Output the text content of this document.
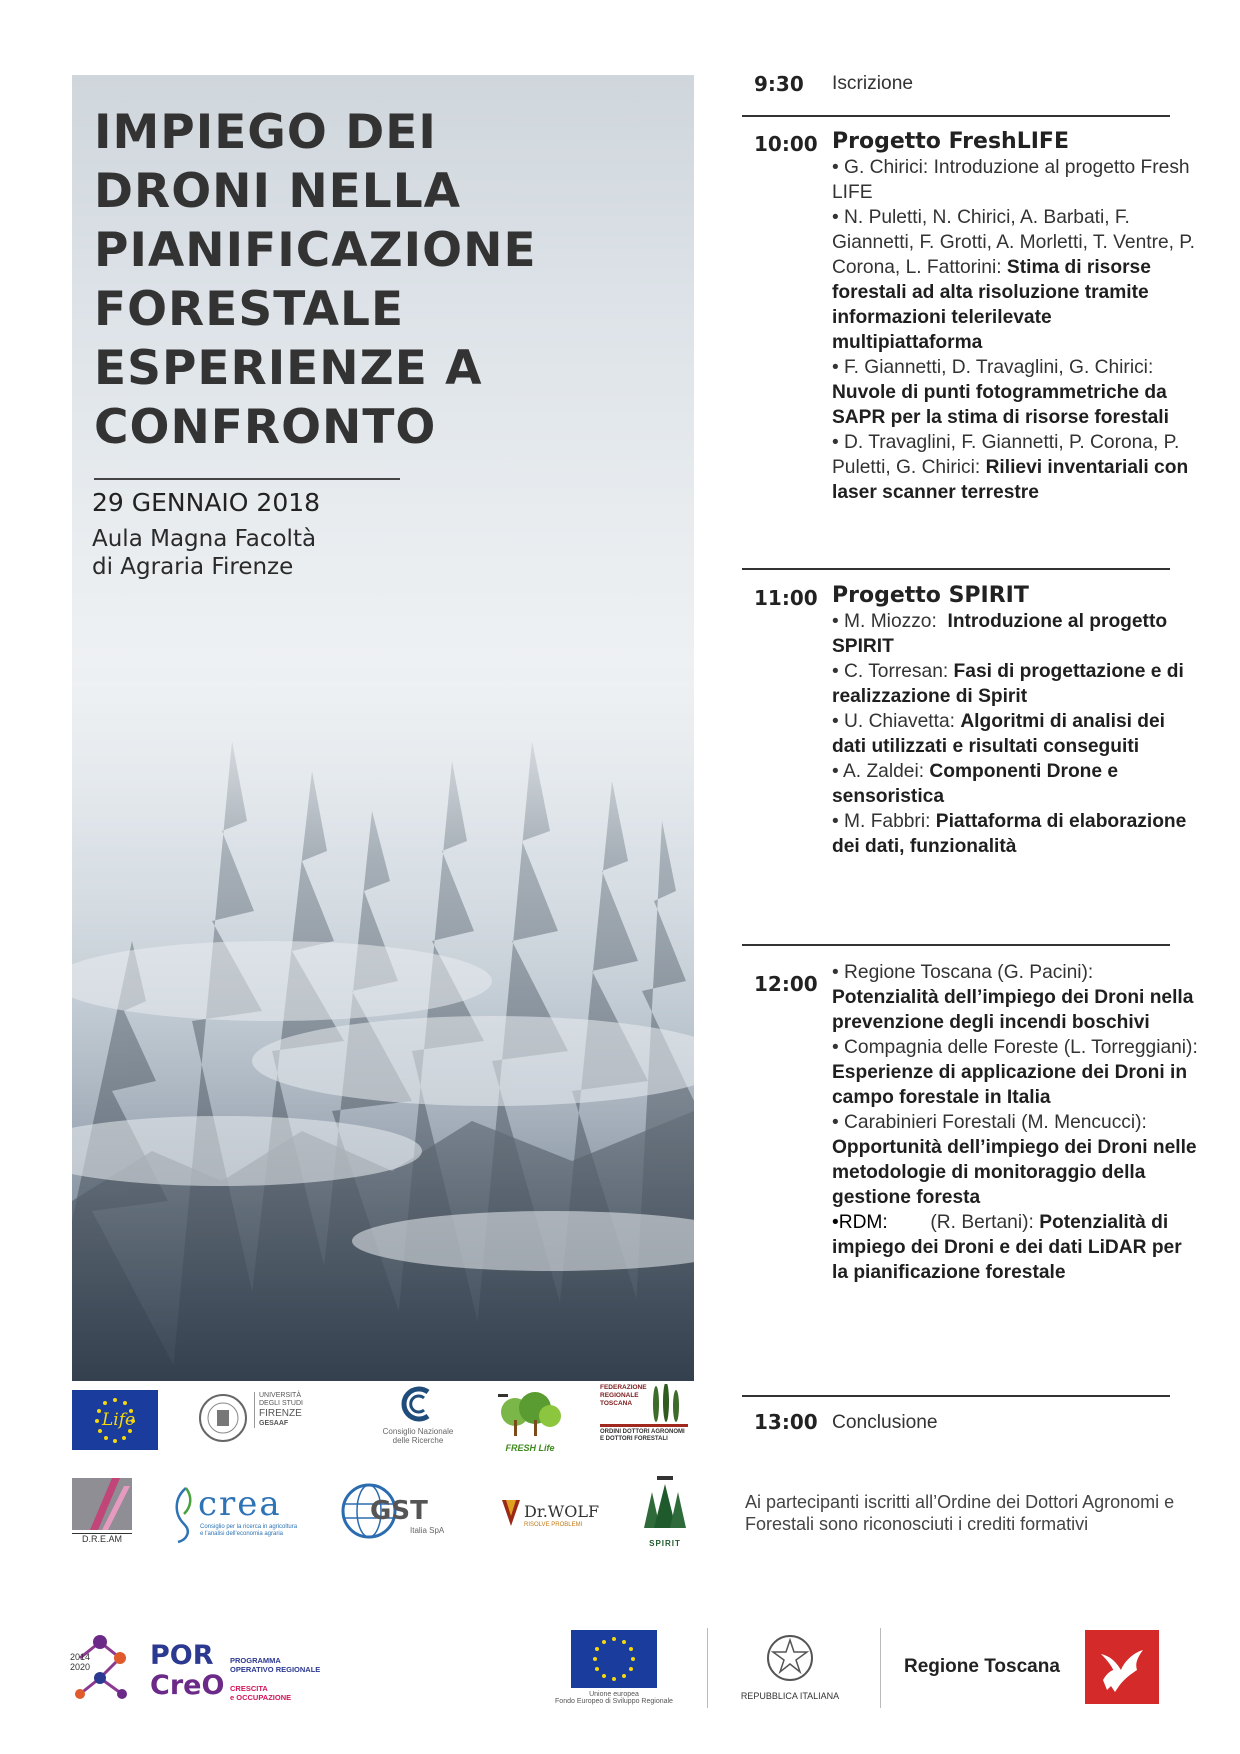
IMPIEGO DEI
DRONI NELLA
PIANIFICAZIONE
FORESTALE
ESPERIENZE A
CONFRONTO
29 GENNAIO 2018
Aula Magna Facoltà
di Agraria Firenze
9:30 Iscrizione
10:00 Progetto FreshLIFE
• G. Chirici: Introduzione al progetto Fresh LIFE
• N. Puletti, N. Chirici, A. Barbati, F. Giannetti, F. Grotti, A. Morletti, T. Ventre, P. Corona, L. Fattorini: Stima di risorse forestali ad alta risoluzione tramite informazioni telerilevate multipiattaforma
• F. Giannetti, D. Travaglini, G. Chirici: Nuvole di punti fotogrammetriche da SAPR per la stima di risorse forestali
• D. Travaglini, F. Giannetti, P. Corona, P. Puletti, G. Chirici: Rilievi inventariali con laser scanner terrestre
11:00 Progetto SPIRIT
• M. Miozzo: Introduzione al progetto SPIRIT
• C. Torresan: Fasi di progettazione e di realizzazione di Spirit
• U. Chiavetta: Algoritmi di analisi dei dati utilizzati e risultati conseguiti
• A. Zaldei: Componenti Drone e sensoristica
• M. Fabbri: Piattaforma di elaborazione dei dati, funzionalità
12:00 • Regione Toscana (G. Pacini): Potenzialità dell’impiego dei Droni nella prevenzione degli incendi boschivi
• Compagnia delle Foreste (L. Torreggiani): Esperienze di applicazione dei Droni in campo forestale in Italia
• Carabinieri Forestali (M. Mencucci): Opportunità dell’impiego dei Droni nelle metodologie di monitoraggio della gestione foresta
•RDM: (R. Bertani): Potenzialità di impiego dei Droni e dei dati LiDAR per la pianificazione forestale
13:00 Conclusione
Life
UNIVERSITÀ
DEGLI STUDI
FIRENZE
GESAAF
Consiglio Nazionale
delle Ricerche
FRESH Life
FEDERAZIONE
REGIONALE
TOSCANA
ORDINI DOTTORI AGRONOMI
E DOTTORI FORESTALI
D.R.E.AM
crea
Consiglio per la ricerca in agricoltura
e l'analisi dell'economia agraria
GST
Italia SpA
Dr.WOLF
RISOLVE PROBLEMI
SPIRIT
Ai partecipanti iscritti all’Ordine dei Dottori Agronomi e Forestali sono riconosciuti i crediti formativi
2014
2020 POR
CreO
PROGRAMMA
OPERATIVO REGIONALE
CRESCITA
e OCCUPAZIONE	Unione europea
Fondo Europeo di Sviluppo Regionale
REPUBBLICA ITALIANA
Regione Toscana
